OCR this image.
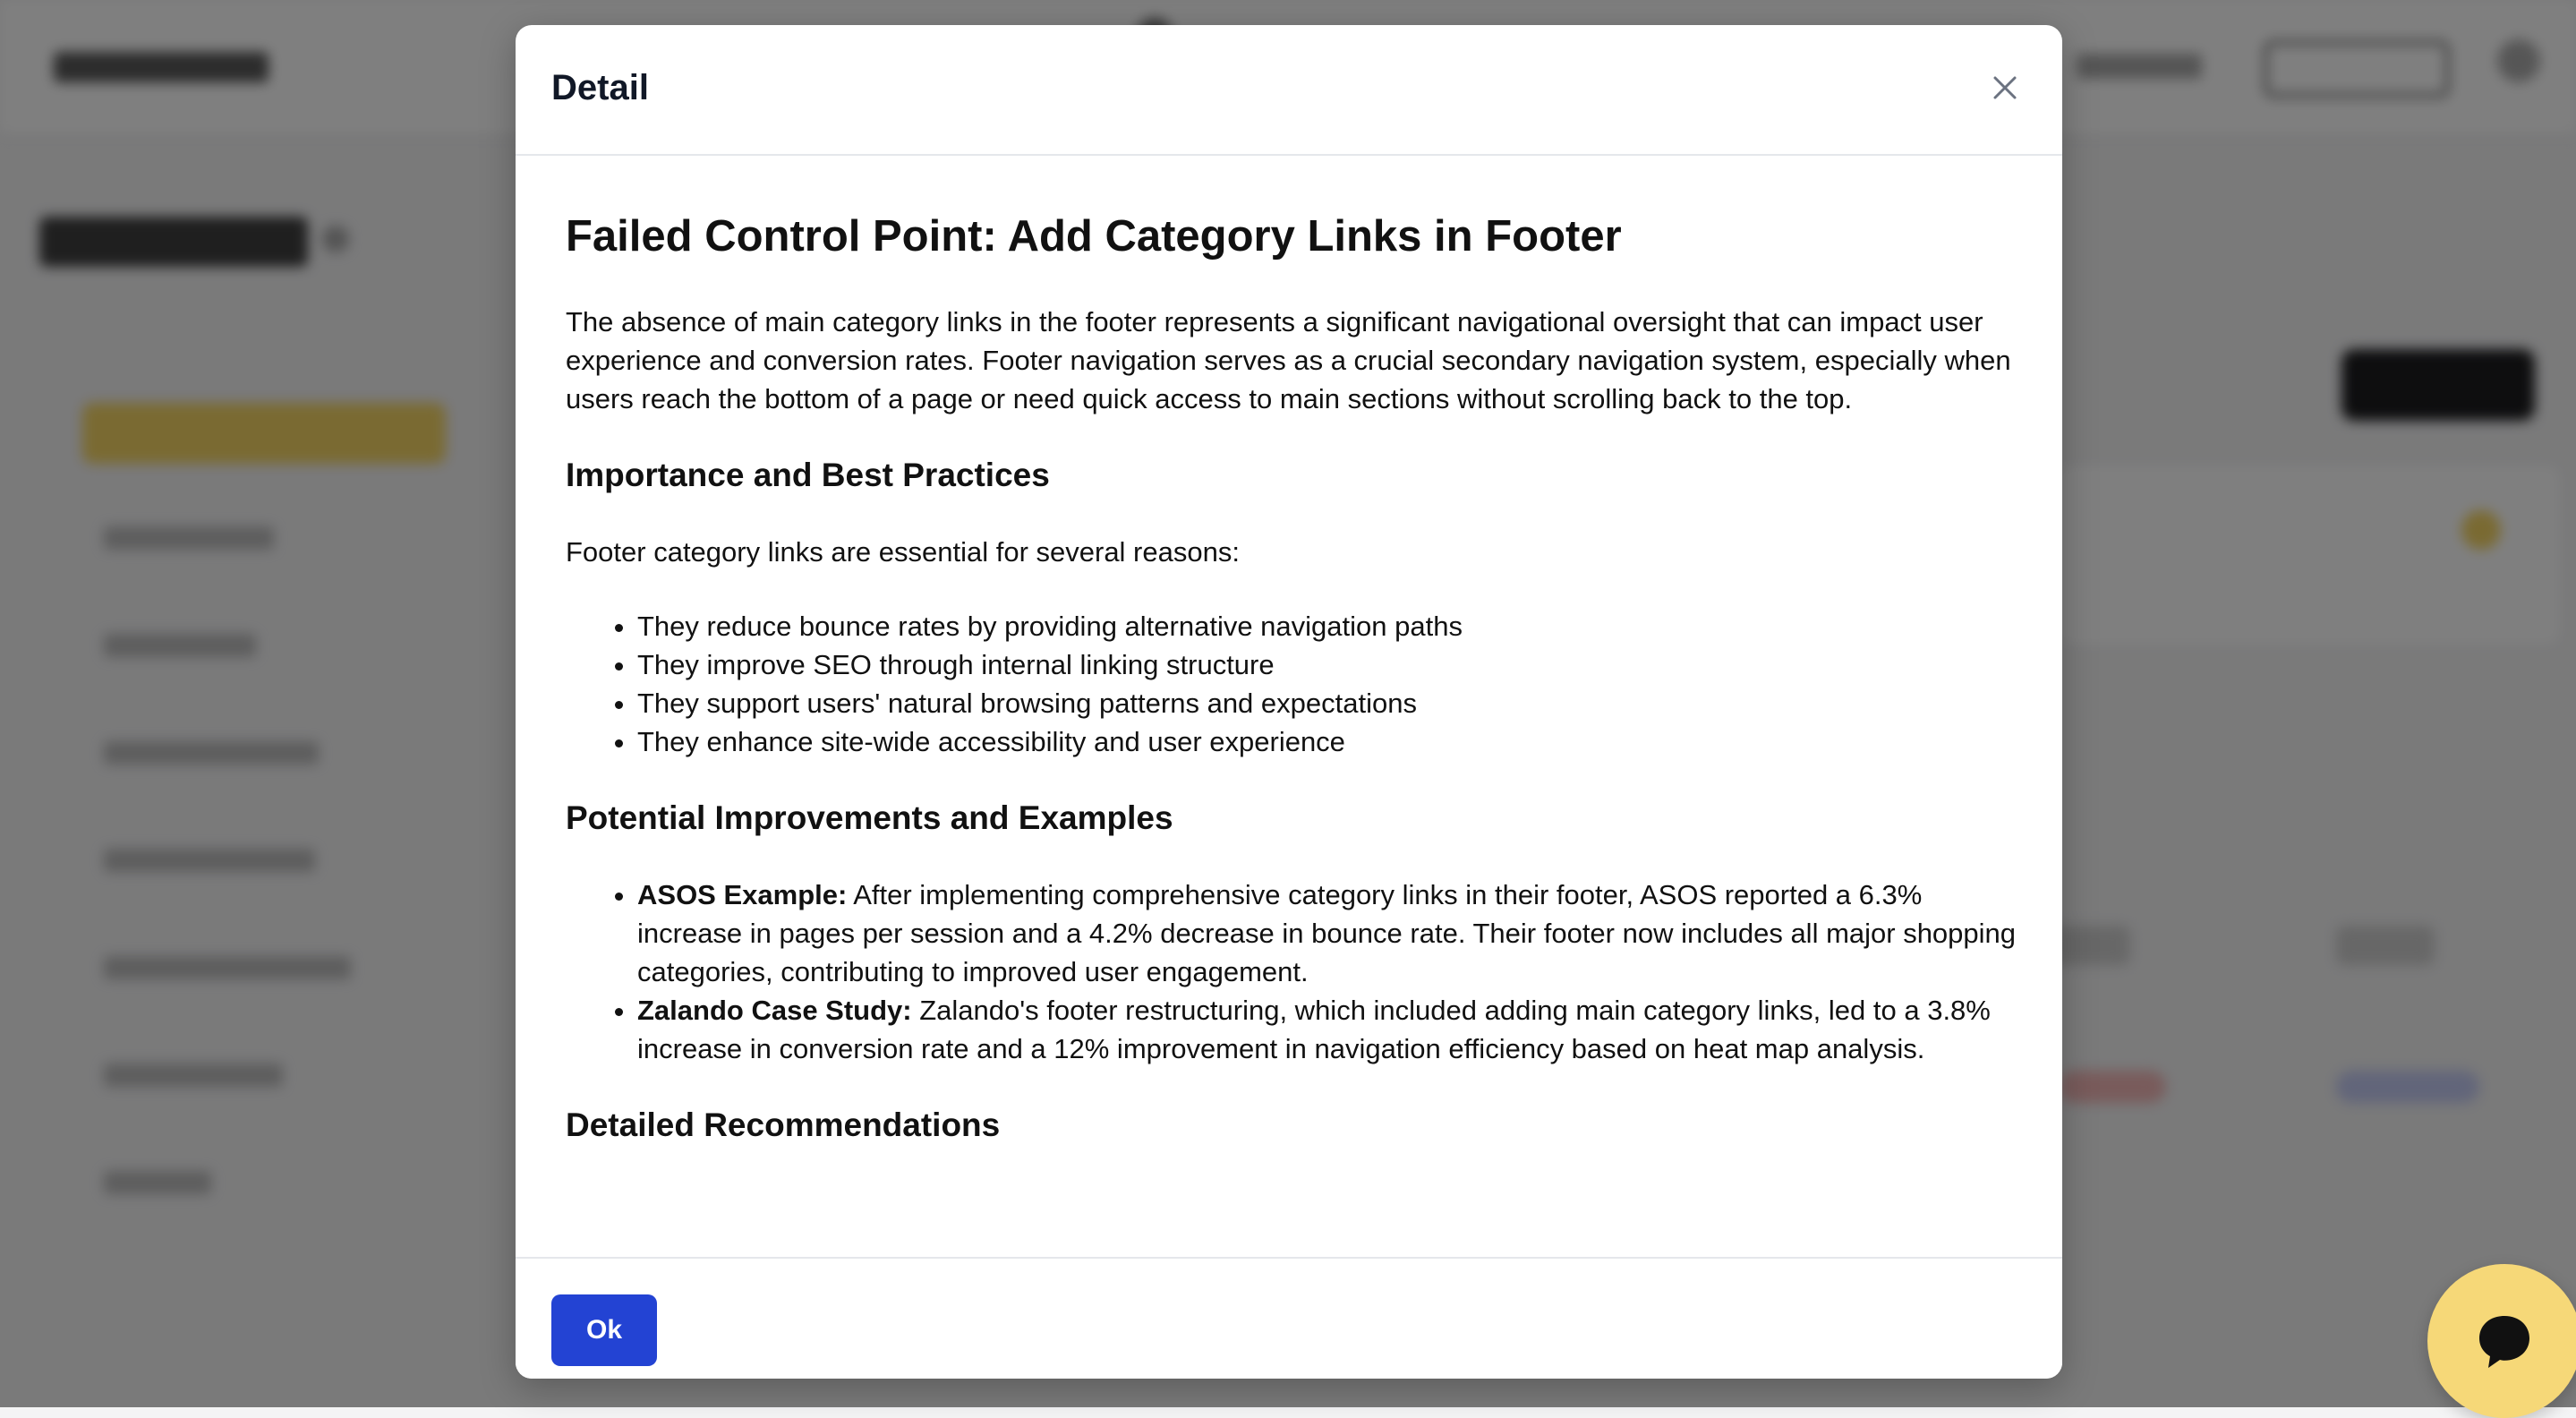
Detail
Failed Control Point: Add Category Links in Footer

The absence of main category links in the footer represents a significant navigational oversight that can impact user experience and conversion rates. Footer navigation serves as a crucial secondary navigation system, especially when users reach the bottom of a page or need quick access to main sections without scrolling back to the top.

Importance and Best Practices

Footer category links are essential for several reasons:

• They reduce bounce rates by providing alternative navigation paths
• They improve SEO through internal linking structure
• They support users' natural browsing patterns and expectations
• They enhance site-wide accessibility and user experience
Potential Improvements and Examples
• ASOS Example: After implementing comprehensive category links in their footer, ASOS reported a 6.3% increase in pages per session and a 4.2% decrease in bounce rate. Their footer now includes all major shopping categories, contributing to improved user engagement.
• Zalando Case Study: Zalando's footer restructuring, which included adding main category links, led to a 3.8% increase in conversion rate and a 12% improvement in navigation efficiency based on heat map analysis.
Detailed Recommendations
Ok
